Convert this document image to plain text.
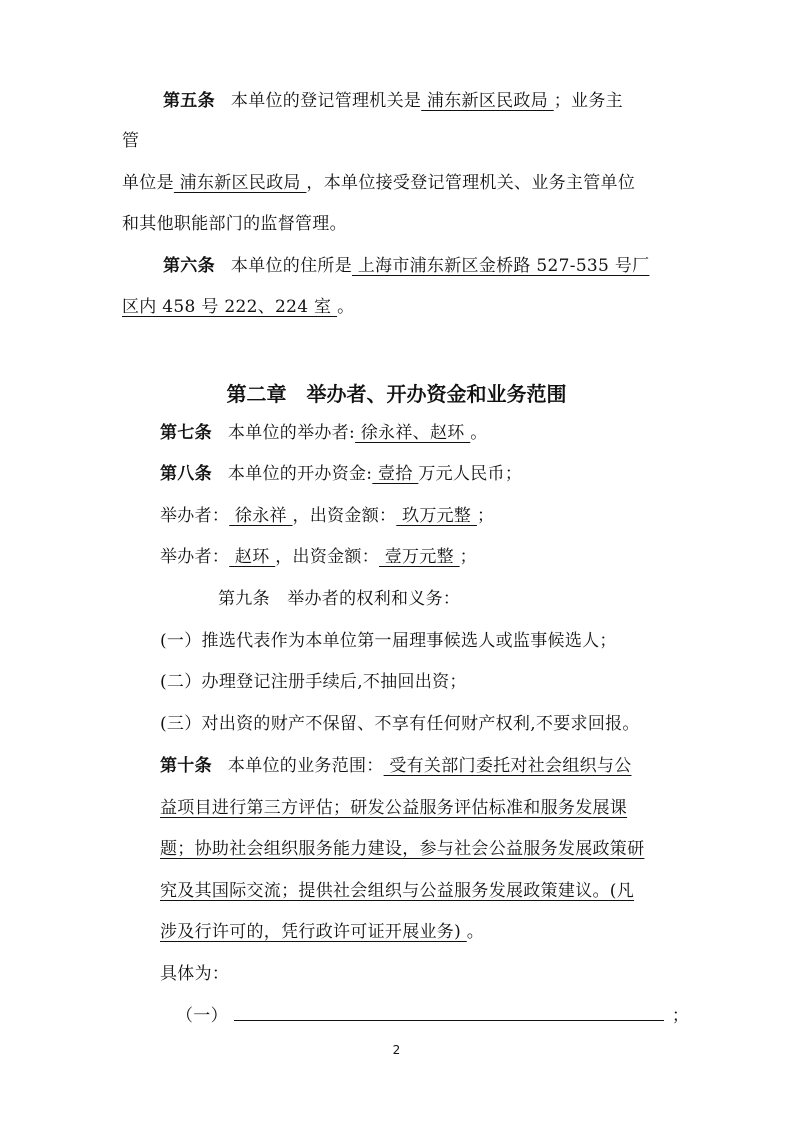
第五条 本单位的登记管理机关是 浦东新区民政局 ；业务主
管
单位是 浦东新区民政局 ，本单位接受登记管理机关、业务主管单位
和其他职能部门的监督管理。
第六条 本单位的住所是 上海市浦东新区金桥路 527-535 号厂
区内 458 号 222、224 室 。
第二章　举办者、开办资金和业务范围
第七条 本单位的举办者: 徐永祥、赵环 。
第八条 本单位的开办资金: 壹拾 万元人民币；
举办者： 徐永祥 ，出资金额： 玖万元整 ；
举办者： 赵环 ，出资金额： 壹万元整 ；
第九条　举办者的权利和义务：
(一）推选代表作为本单位第一届理事候选人或监事候选人；
(二）办理登记注册手续后,不抽回出资；
(三）对出资的财产不保留、不享有任何财产权利,不要求回报。
第十条 本单位的业务范围： 受有关部门委托对社会组织与公
益项目进行第三方评估；研发公益服务评估标准和服务发展课
题；协助社会组织服务能力建设，参与社会公益服务发展政策研
究及其国际交流；提供社会组织与公益服务发展政策建议。(凡
涉及行许可的，凭行政许可证开展业务) 。
具体为：
（一）	；
2
